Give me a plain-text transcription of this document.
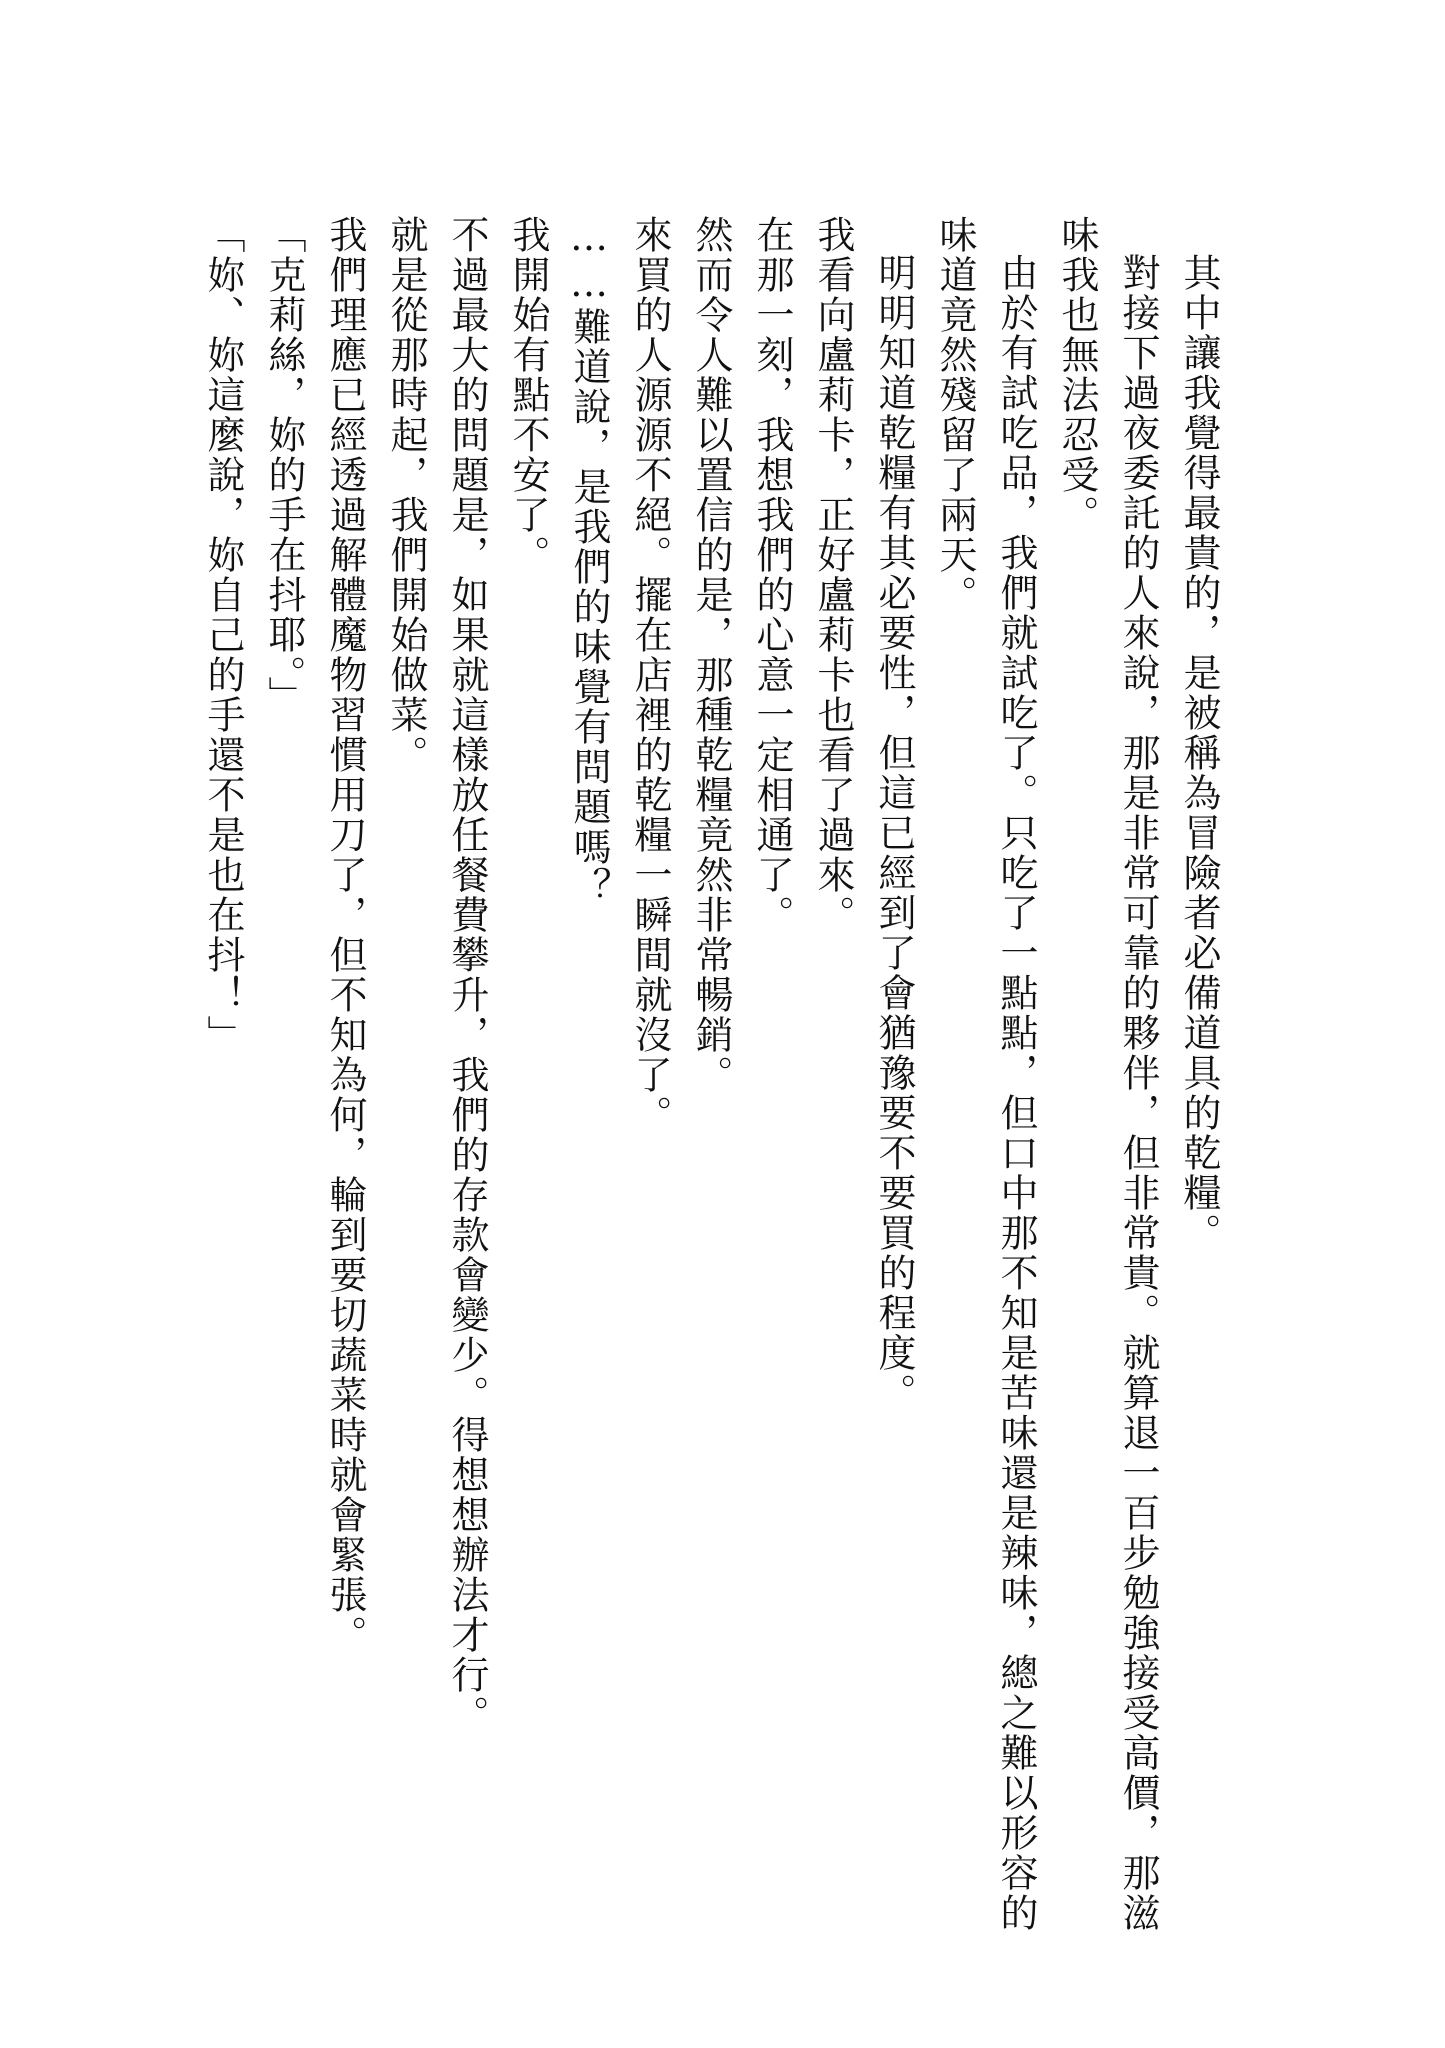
其中讓我覺得最貴的，是被稱為冒險者必備道具的乾糧。

對接下過夜委託的人來說，那是非常可靠的夥伴，但非常貴。就算退一百步勉強接受高價，那滋味我也無法忍受。

由於有試吃品，我們就試吃了。只吃了一點點，但口中那不知是苦味還是辣味，總之難以形容的味道竟然殘留了兩天。

明明知道乾糧有其必要性，但這已經到了會猶豫要不要買的程度。

我看向盧莉卡，正好盧莉卡也看了過來。

在那一刻，我想我們的心意一定相通了。

然而令人難以置信的是，那種乾糧竟然非常暢銷。

來買的人源源不絕。擺在店裡的乾糧一瞬間就沒了。

……難道說，是我們的味覺有問題嗎？

我開始有點不安了。

不過最大的問題是，如果就這樣放任餐費攀升，我們的存款會變少。得想想辦法才行。

就是從那時起，我們開始做菜。

我們理應已經透過解體魔物習慣用刀了，但不知為何，輪到要切蔬菜時就會緊張。

「克莉絲，妳的手在抖耶。」

「妳、妳這麼說，妳自己的手還不是也在抖！」
